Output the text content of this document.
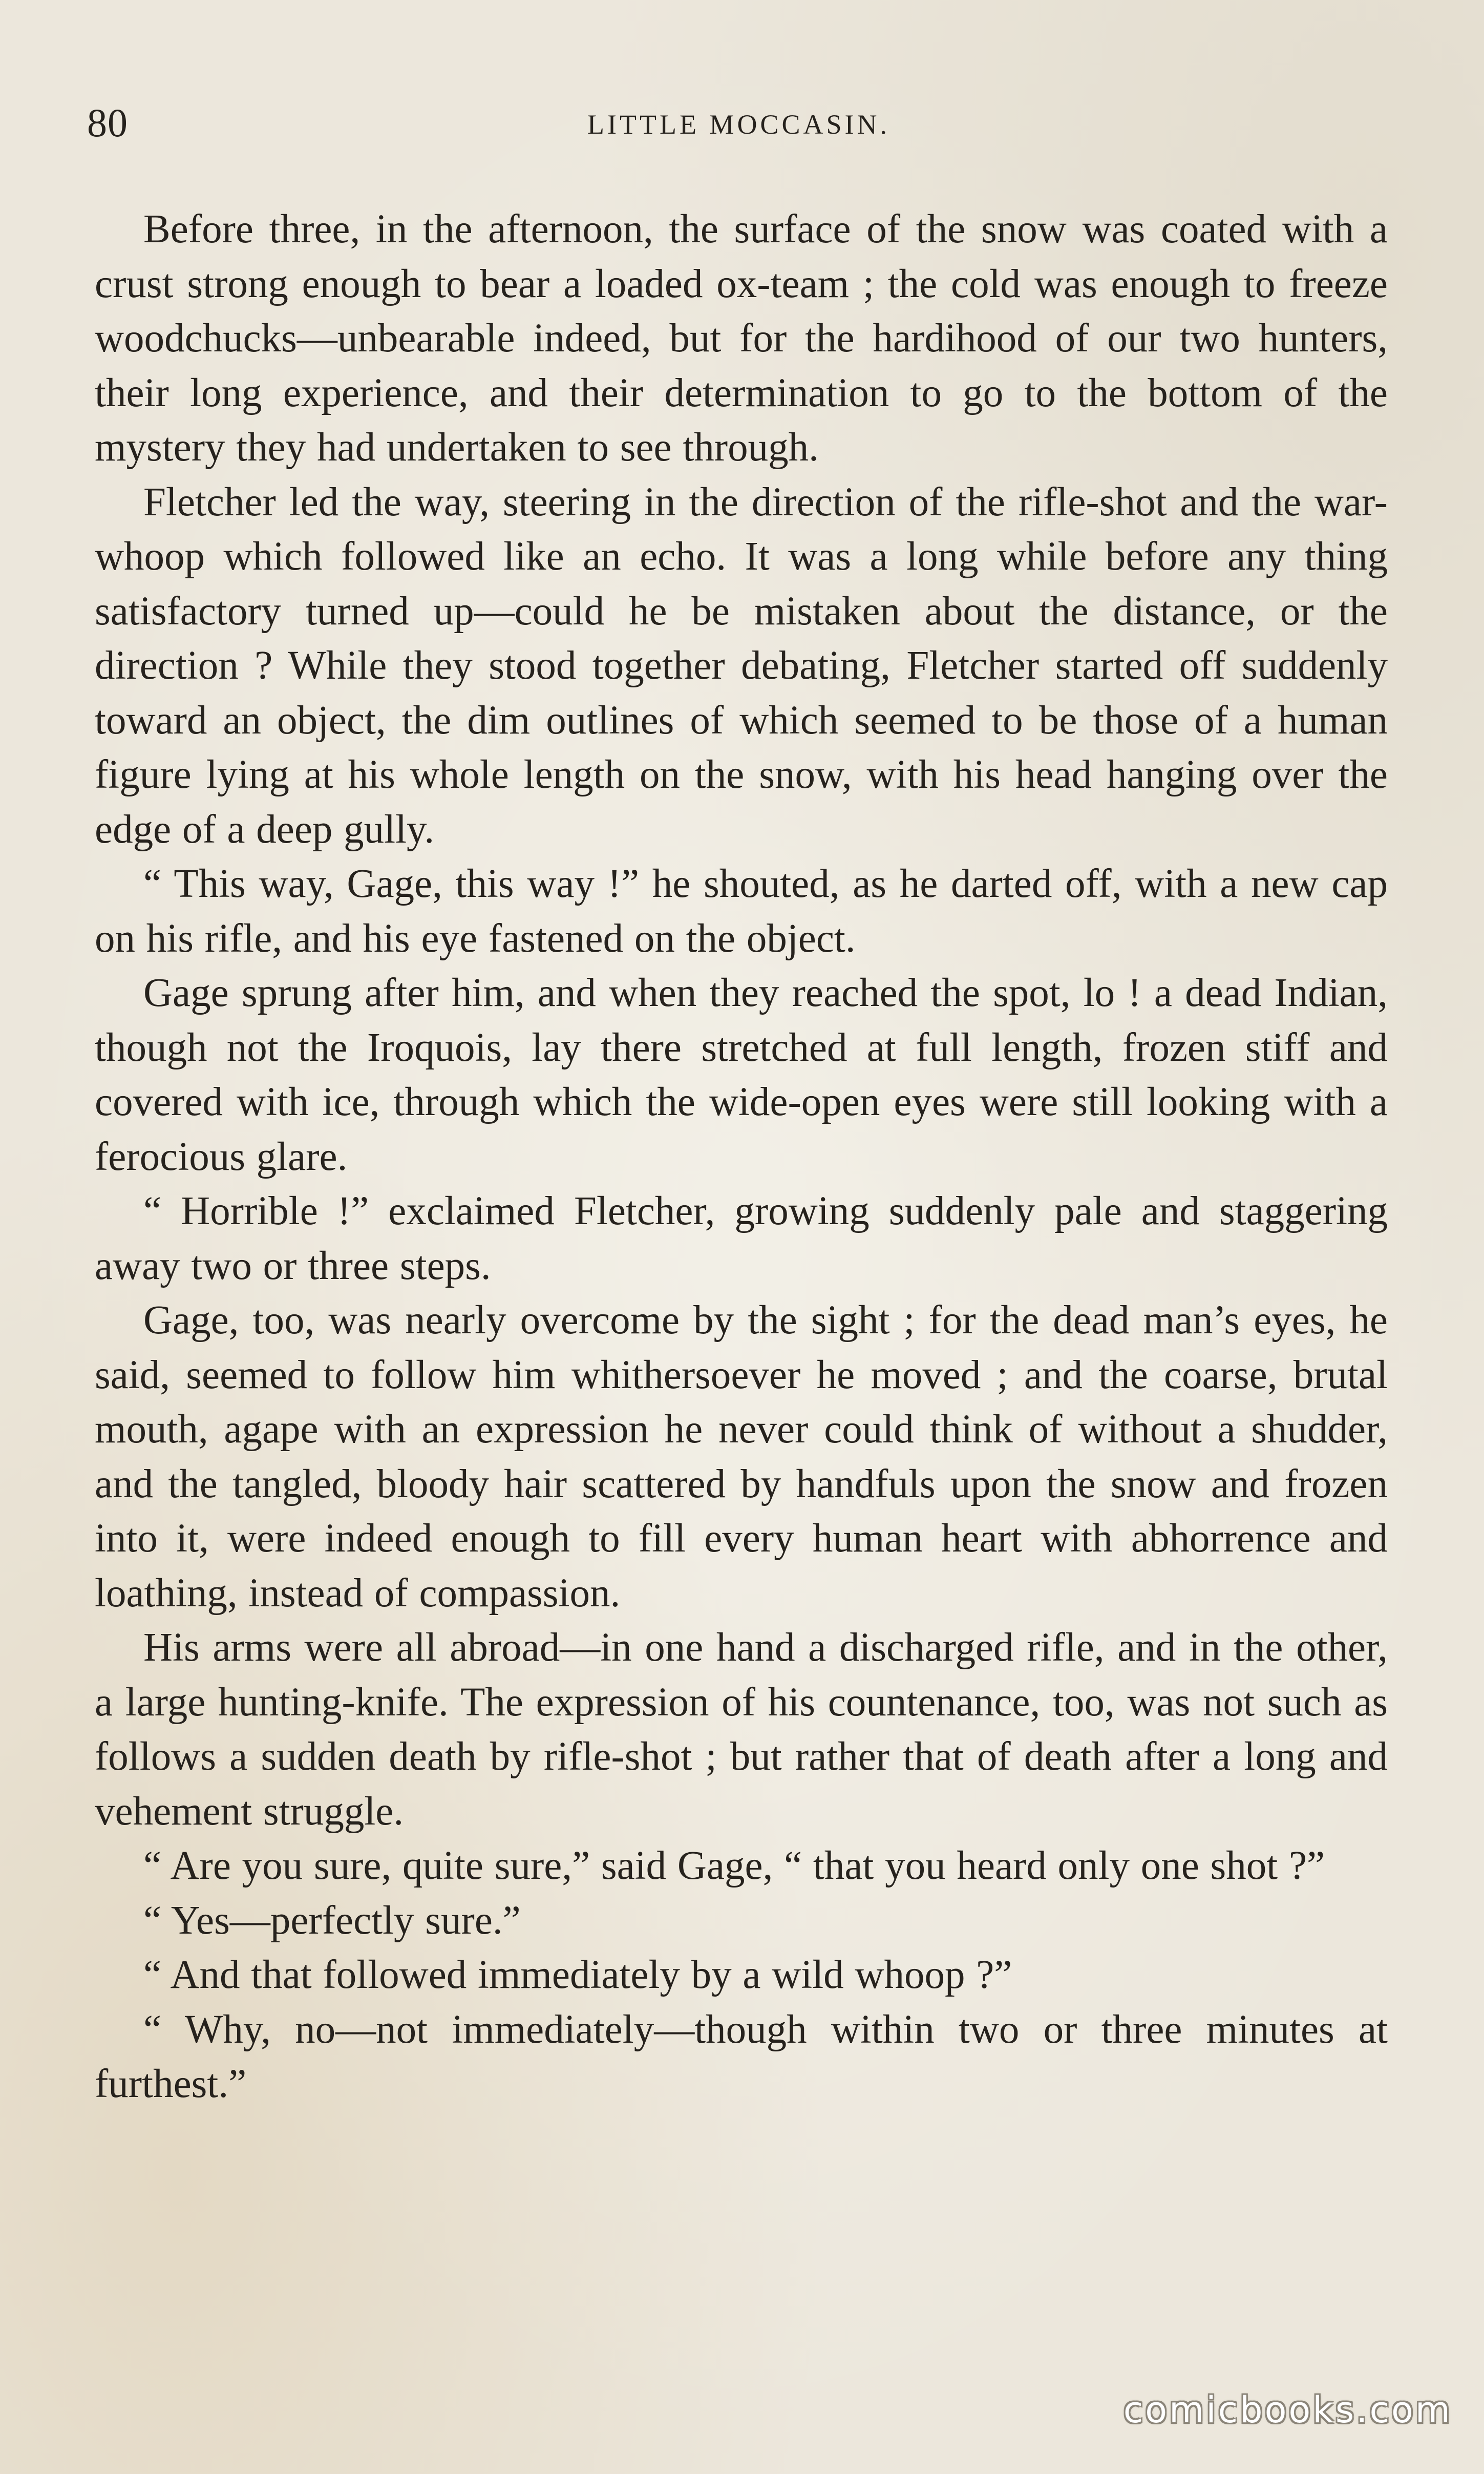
80	LITTLE MOCCASIN.

Before three, in the afternoon, the surface of the snow was coated with a crust strong enough to bear a loaded ox-team ; the cold was enough to freeze woodchucks—unbearable indeed, but for the hardihood of our two hunters, their long experience, and their determination to go to the bottom of the mystery they had undertaken to see through.

Fletcher led the way, steering in the direction of the rifle-shot and the war-whoop which followed like an echo. It was a long while before any thing satisfactory turned up—could he be mistaken about the distance, or the direction ? While they stood together debating, Fletcher started off suddenly toward an object, the dim outlines of which seemed to be those of a human figure lying at his whole length on the snow, with his head hanging over the edge of a deep gully.

“ This way, Gage, this way !” he shouted, as he darted off, with a new cap on his rifle, and his eye fastened on the object.

Gage sprung after him, and when they reached the spot, lo ! a dead Indian, though not the Iroquois, lay there stretched at full length, frozen stiff and covered with ice, through which the wide-open eyes were still looking with a ferocious glare.

“ Horrible !” exclaimed Fletcher, growing suddenly pale and staggering away two or three steps.

Gage, too, was nearly overcome by the sight ; for the dead man’s eyes, he said, seemed to follow him whithersoever he moved ; and the coarse, brutal mouth, agape with an expression he never could think of without a shudder, and the tangled, bloody hair scattered by handfuls upon the snow and frozen into it, were indeed enough to fill every human heart with abhorrence and loathing, instead of compassion.

His arms were all abroad—in one hand a discharged rifle, and in the other, a large hunting-knife. The expression of his countenance, too, was not such as follows a sudden death by rifle-shot ; but rather that of death after a long and vehement struggle.

“ Are you sure, quite sure,” said Gage, “ that you heard only one shot ?”

“ Yes—perfectly sure.”

“ And that followed immediately by a wild whoop ?”

“ Why, no—not immediately—though within two or three minutes at furthest.”

comicbooks.com
